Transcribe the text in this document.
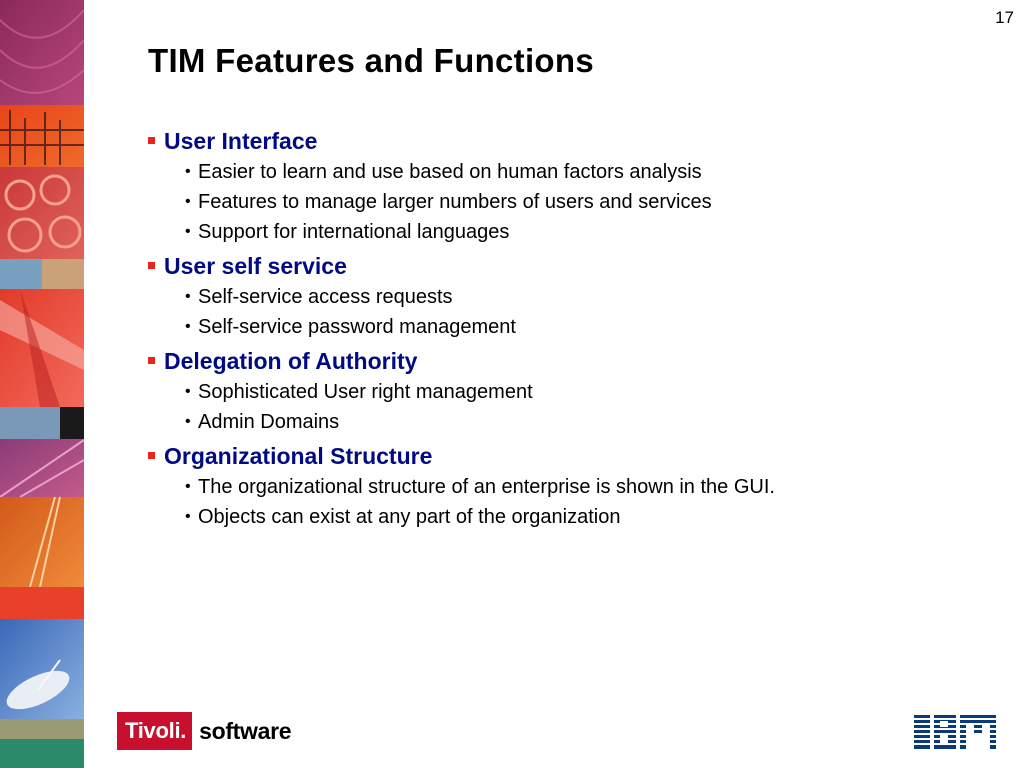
17
TIM Features and Functions
User Interface
• Easier to learn and use based on human factors analysis
• Features to manage larger numbers of users and services
• Support for international languages
User self service
• Self-service access requests
• Self-service password management
Delegation of Authority
• Sophisticated User right management
• Admin Domains
Organizational Structure
• The organizational structure of an enterprise is shown in the GUI.
• Objects can exist at any part of the organization
Tivoli. software
